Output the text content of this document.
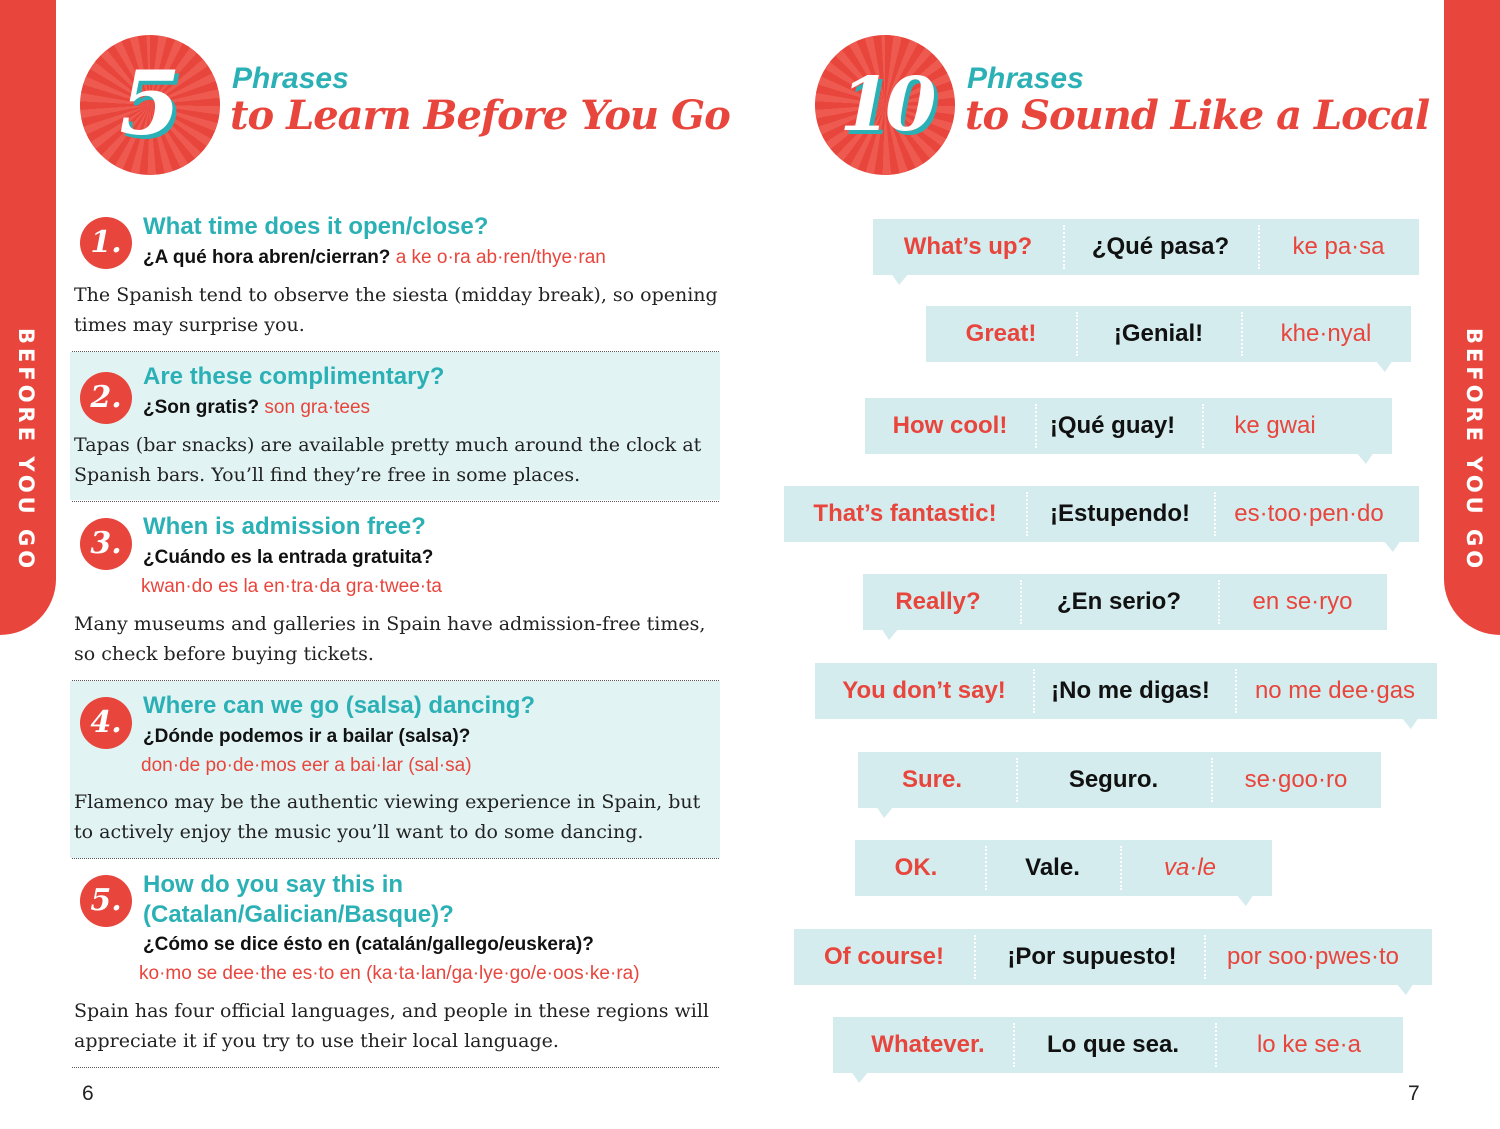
BEFORE YOU GO	BEFORE YOU GO
5	Phrases
to Learn Before You Go
1. What time does it open/close?
¿A qué hora abren/cierran? a ke o·ra ab·ren/thye·ran
The Spanish tend to observe the siesta (midday break), so opening times may surprise you.
2.
Are these complimentary?
¿Son gratis? son gra·tees
Tapas (bar snacks) are available pretty much around the clock at Spanish bars. You’ll find they’re free in some places.
3. When is admission free?
¿Cuándo es la entrada gratuita?
kwan·do es la en·tra·da gra·twee·ta
Many museums and galleries in Spain have admission-free times, so check before buying tickets.
4. Where can we go (salsa) dancing?
¿Dónde podemos ir a bailar (salsa)?
don·de po·de·mos eer a bai·lar (sal·sa)
Flamenco may be the authentic viewing experience in Spain, but to actively enjoy the music you’ll want to do some dancing.
5. How do you say this in (Catalan/Galician/Basque)?
¿Cómo se dice ésto en (catalán/gallego/euskera)?
ko·mo se dee·the es·to en (ka·ta·lan/ga·lye·go/e·oos·ke·ra)
Spain has four official languages, and people in these regions will appreciate it if you try to use their local language.
6
10	Phrases
to Sound Like a Local
What’s up?	¿Qué pasa?	ke pa·sa
Great!	¡Genial!	khe·nyal
How cool!	¡Qué guay!	ke gwai
That’s fantastic!	¡Estupendo!	es·too·pen·do
Really?	¿En serio?	en se·ryo
You don’t say!	¡No me digas!	no me dee·gas
Sure.	Seguro.	se·goo·ro
OK.	Vale.	va·le
Of course!	¡Por supuesto!	por soo·pwes·to
Whatever.	Lo que sea.	lo ke se·a
7
